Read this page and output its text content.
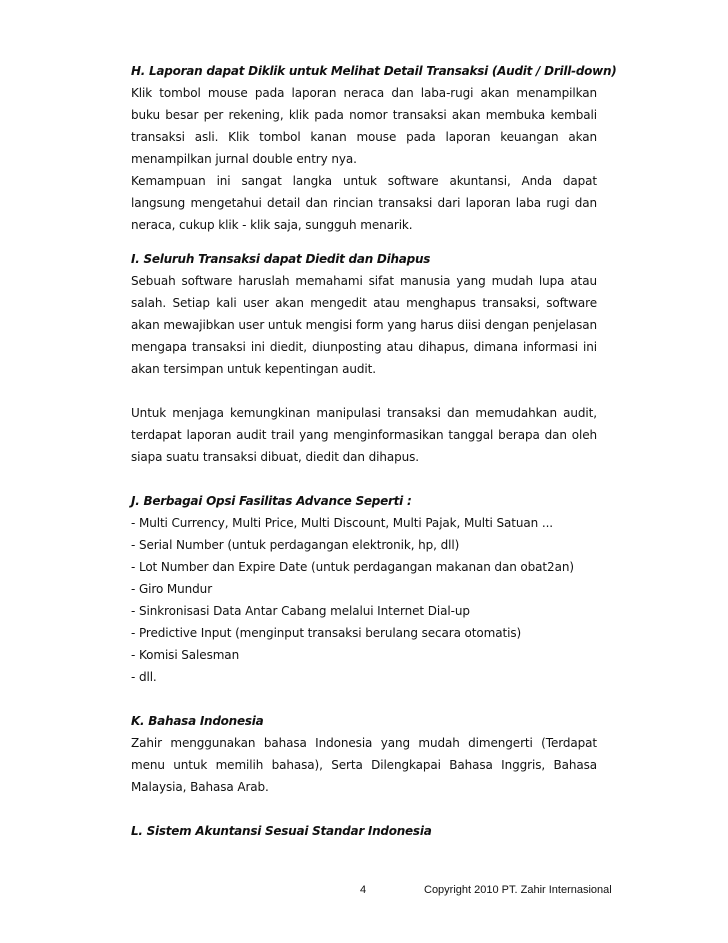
H. Laporan dapat Diklik untuk Melihat Detail Transaksi (Audit / Drill-down)

Klik tombol mouse pada laporan neraca dan laba-rugi akan menampilkan buku besar per rekening, klik pada nomor transaksi akan membuka kembali transaksi asli. Klik tombol kanan mouse pada laporan keuangan akan menampilkan jurnal double entry nya.

Kemampuan ini sangat langka untuk software akuntansi, Anda dapat langsung mengetahui detail dan rincian transaksi dari laporan laba rugi dan neraca, cukup klik - klik saja, sungguh menarik.

I. Seluruh Transaksi dapat Diedit dan Dihapus

Sebuah software haruslah memahami sifat manusia yang mudah lupa atau salah. Setiap kali user akan mengedit atau menghapus transaksi, software akan mewajibkan user untuk mengisi form yang harus diisi dengan penjelasan mengapa transaksi ini diedit, diunposting atau dihapus, dimana informasi ini akan tersimpan untuk kepentingan audit.

Untuk menjaga kemungkinan manipulasi transaksi dan memudahkan audit, terdapat laporan audit trail yang menginformasikan tanggal berapa dan oleh siapa suatu transaksi dibuat, diedit dan dihapus.

J. Berbagai Opsi Fasilitas Advance Seperti :

- Multi Currency, Multi Price, Multi Discount, Multi Pajak, Multi Satuan ...

- Serial Number (untuk perdagangan elektronik, hp, dll)

- Lot Number dan Expire Date (untuk perdagangan makanan dan obat2an)

- Giro Mundur

- Sinkronisasi Data Antar Cabang melalui Internet Dial-up

- Predictive Input (menginput transaksi berulang secara otomatis)

- Komisi Salesman

- dll.

K. Bahasa Indonesia

Zahir menggunakan bahasa Indonesia yang mudah dimengerti (Terdapat menu untuk memilih bahasa), Serta Dilengkapai Bahasa Inggris, Bahasa Malaysia, Bahasa Arab.

L. Sistem Akuntansi Sesuai Standar Indonesia

4	Copyright 2010 PT. Zahir Internasional
